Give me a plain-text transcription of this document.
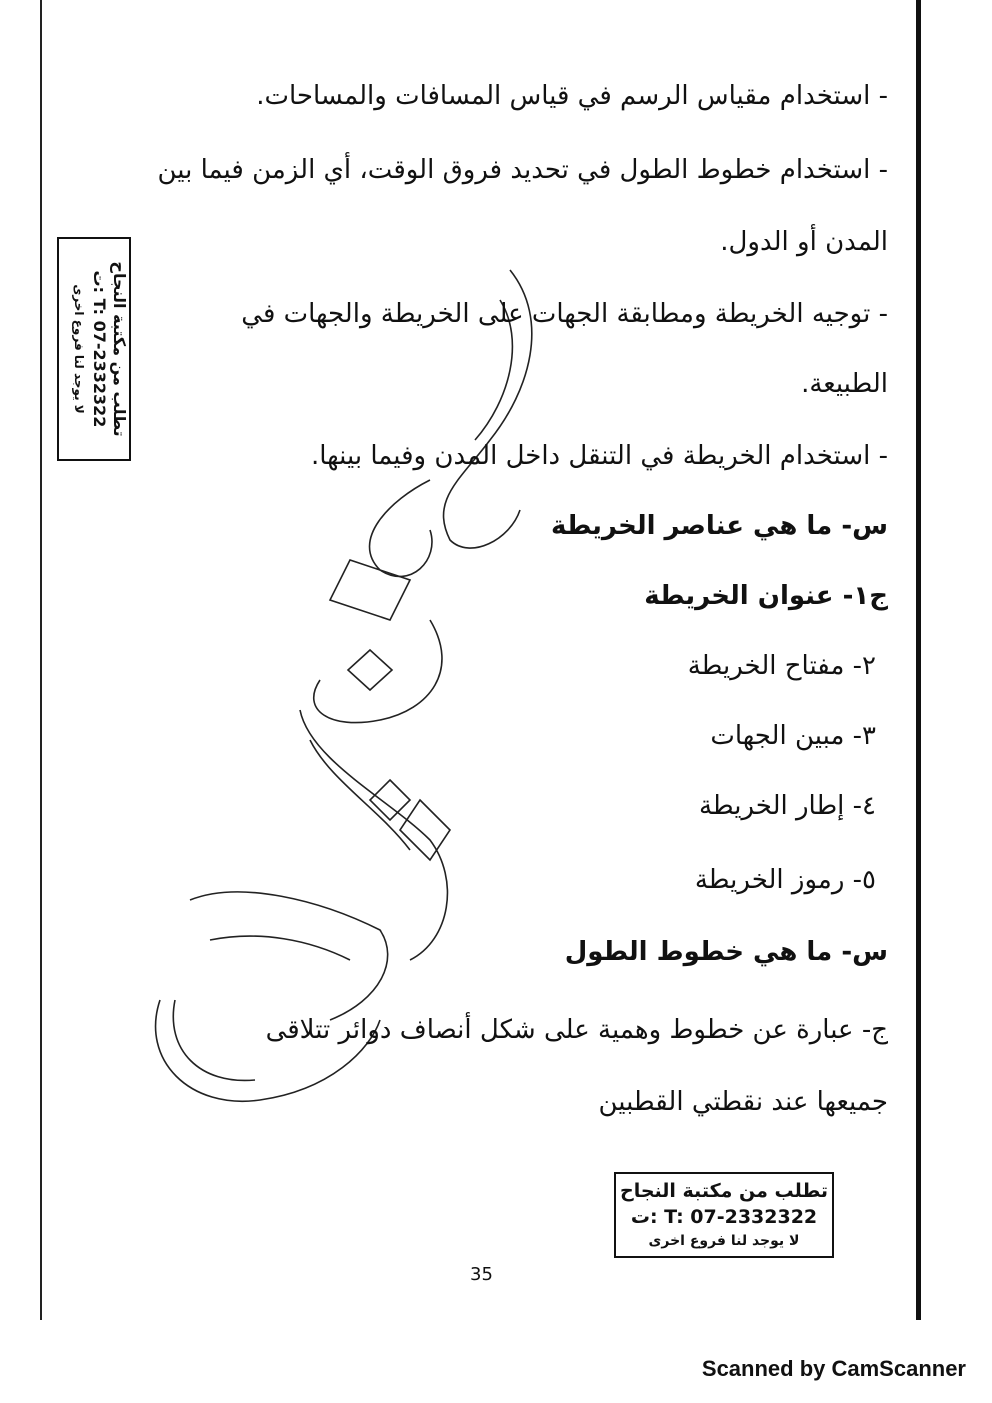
- استخدام مقياس الرسم في قياس المسافات والمساحات.
- استخدام خطوط الطول في تحديد فروق الوقت، أي الزمن فيما بين
المدن أو الدول.
- توجيه الخريطة ومطابقة الجهات على الخريطة والجهات في
الطبيعة.
- استخدام الخريطة في التنقل داخل المدن وفيما بينها.
س- ما هي عناصر الخريطة
ج١- عنوان الخريطة
٢- مفتاح الخريطة
٣- مبين الجهات
٤- إطار الخريطة
٥- رموز الخريطة
س- ما هي خطوط الطول
ج- عبارة عن خطوط وهمية على شكل أنصاف دوائر تتلاقى
جميعها عند نقطتي القطبين
تطلب من مكتبة النجاح
ت: T: 07-2332322
لا يوجد لنا فروع اخرى
تطلب من مكتبة النجاح
ت: T: 07-2332322
لا يوجد لنا فروع اخرى
35
Scanned by CamScanner
